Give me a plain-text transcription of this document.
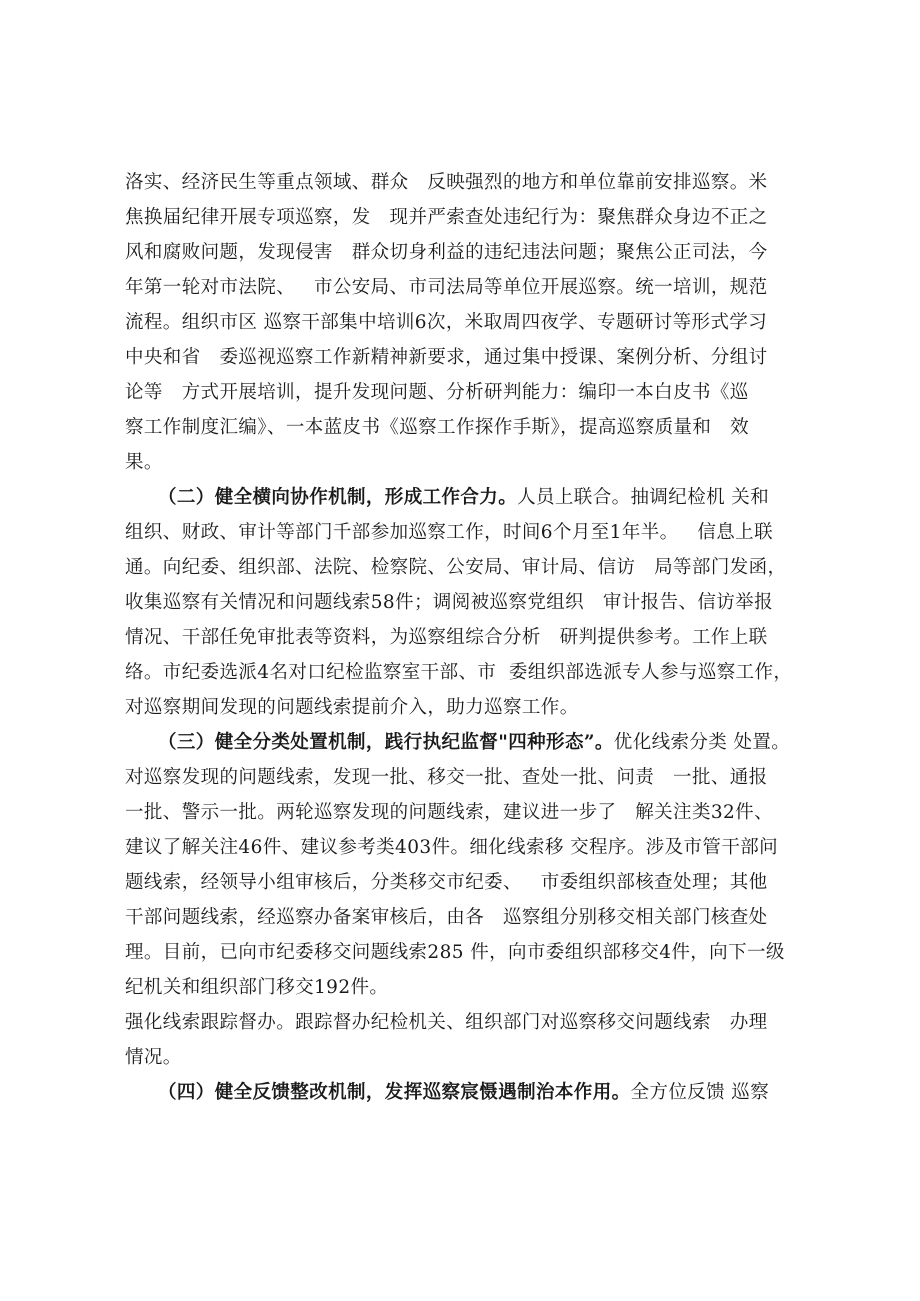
洛实、经济民生等重点领域、群众   反映强烈的地方和单位靠前安排巡察。米
焦换届纪律开展专项巡察，发   现并严索查处违纪行为：聚焦群众身边不正之
风和腐败问题，发现侵害   群众切身利益的违纪违法问题；聚焦公正司法，今
年第一轮对市法院、   市公安局、市司法局等单位开展巡察。统一培训，规范
流程。组织市区 巡察干部集中培训6次，米取周四夜学、专题研讨等形式学习
中央和省   委巡视巡察工作新精神新要求，通过集中授课、案例分析、分组讨
论等   方式开展培训，提升发现问题、分析研判能力：编印一本白皮书《巡
察工作制度汇编》、一本蓝皮书《巡察工作探作手斯》，提高巡察质量和   效
果。
（二）健全横向协作机制，形成工作合力。人员上联合。抽调纪检机 关和
组织、财政、审计等部门千部参加巡察工作，时间6个月至1年半。   信息上联
通。向纪委、组织部、法院、检察院、公安局、审计局、信访   局等部门发函，
收集巡察有关情况和问题线索58件；调阅被巡察党组织   审计报告、信访举报
情况、干部任免审批表等资料，为巡察组综合分析   研判提供参考。工作上联
络。市纪委选派4名对口纪检监察室干部、市  委组织部选派专人参与巡察工作，
对巡察期间发现的问题线索提前介入，助力巡察工作。
（三）健全分类处置机制，践行执纪监督"四种形态”。优化线索分类 处置。
对巡察发现的问题线索，发现一批、移交一批、查处一批、问责   一批、通报
一批、警示一批。两轮巡察发现的问题线索，建议进一步了   解关注类32件、
建议了解关注46件、建议参考类403件。细化线索移 交程序。涉及市管干部问
题线索，经领导小组审核后，分类移交市纪委、   市委组织部核查处理；其他
干部问题线索，经巡察办备案审核后，由各   巡察组分别移交相关部门核查处
理。目前，已向市纪委移交问题线索285 件，向市委组织部移交4件，向下一级
纪机关和组织部门移交192件。
强化线索跟踪督办。跟踪督办纪检机关、组织部门对巡察移交问题线索   办理
情况。
（四）健全反馈整改机制，发挥巡察宸慑遇制治本作用。全方位反馈 巡察
